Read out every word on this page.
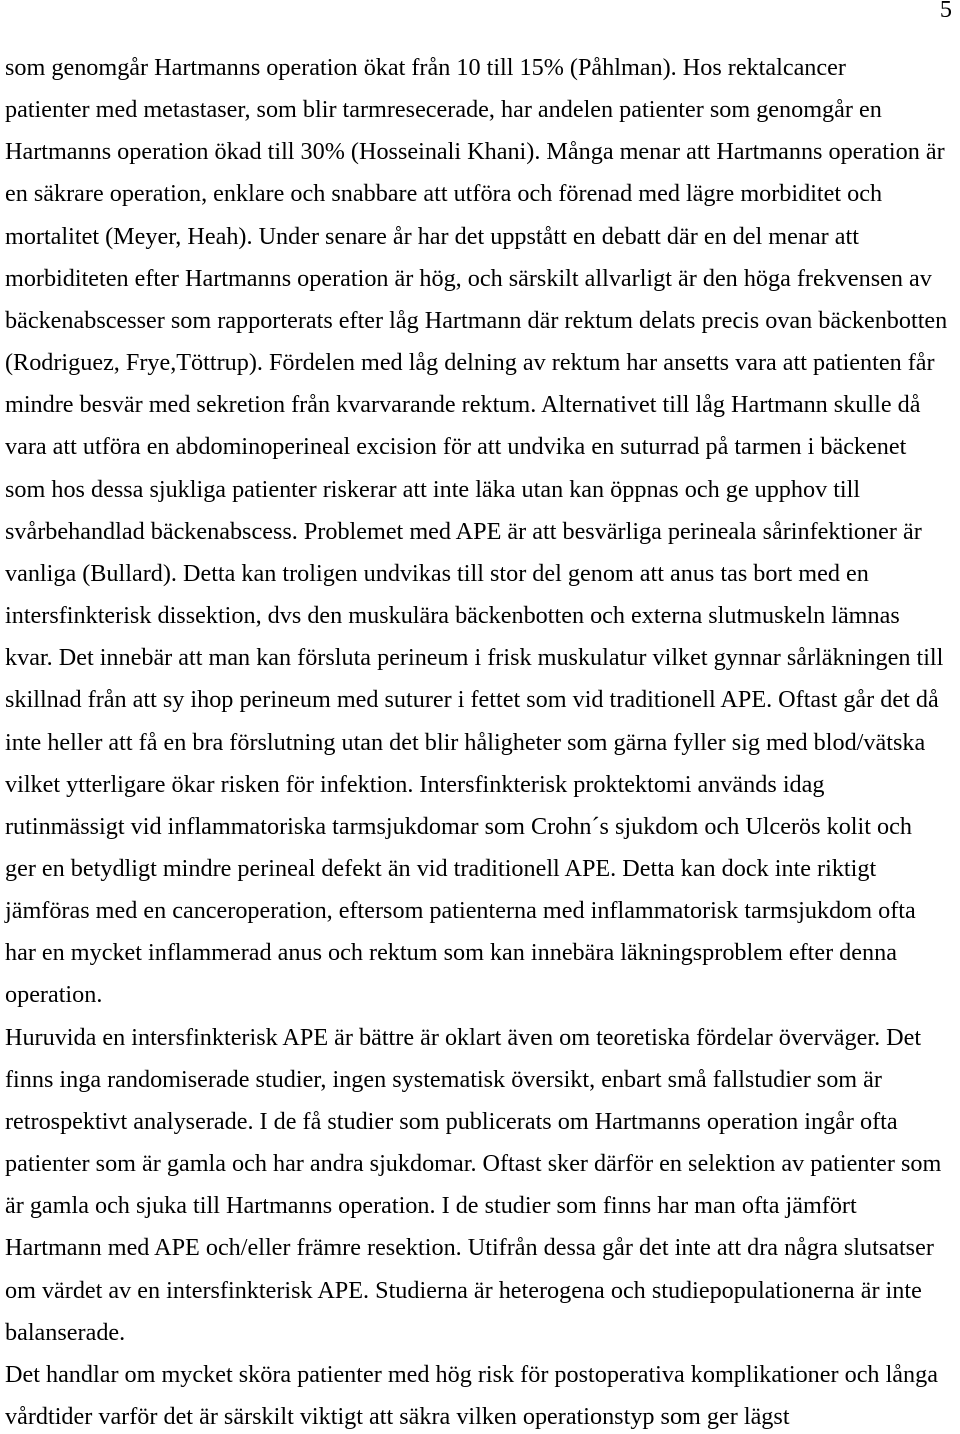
5
som genomgår Hartmanns operation ökat från 10 till 15% (Påhlman). Hos rektalcancer
patienter med metastaser, som blir tarmresecerade, har andelen patienter som genomgår en
Hartmanns operation ökad till 30% (Hosseinali Khani). Många menar att Hartmanns operation är
en säkrare operation, enklare och snabbare att utföra och förenad med lägre morbiditet och
mortalitet (Meyer, Heah). Under senare år har det uppstått en debatt där en del menar att
morbiditeten efter Hartmanns operation är hög, och särskilt allvarligt är den höga frekvensen av
bäckenabscesser som rapporterats efter låg Hartmann där rektum delats precis ovan bäckenbotten
(Rodriguez, Frye,Töttrup). Fördelen med låg delning av rektum har ansetts vara att patienten får
mindre besvär med sekretion från kvarvarande rektum. Alternativet till låg Hartmann skulle då
vara att utföra en abdominoperineal excision för att undvika en suturrad på tarmen i bäckenet
som hos dessa sjukliga patienter riskerar att inte läka utan kan öppnas och ge upphov till
svårbehandlad bäckenabscess. Problemet med APE är att besvärliga perineala sårinfektioner är
vanliga (Bullard). Detta kan troligen undvikas till stor del genom att anus tas bort med en
intersfinkterisk dissektion, dvs den muskulära bäckenbotten och externa slutmuskeln lämnas
kvar. Det innebär att man kan försluta perineum i frisk muskulatur vilket gynnar sårläkningen till
skillnad från att sy ihop perineum med suturer i fettet som vid traditionell APE. Oftast går det då
inte heller att få en bra förslutning utan det blir håligheter som gärna fyller sig med blod/vätska
vilket ytterligare ökar risken för infektion. Intersfinkterisk proktektomi används idag
rutinmässigt vid inflammatoriska tarmsjukdomar som Crohn´s sjukdom och Ulcerös kolit och
ger en betydligt mindre perineal defekt än vid traditionell APE. Detta kan dock inte riktigt
jämföras med en canceroperation, eftersom patienterna med inflammatorisk tarmsjukdom ofta
har en mycket inflammerad anus och rektum som kan innebära läkningsproblem efter denna
operation.
Huruvida en intersfinkterisk APE är bättre är oklart även om teoretiska fördelar överväger. Det
finns inga randomiserade studier, ingen systematisk översikt, enbart små fallstudier som är
retrospektivt analyserade. I de få studier som publicerats om Hartmanns operation ingår ofta
patienter som är gamla och har andra sjukdomar. Oftast sker därför en selektion av patienter som
är gamla och sjuka till Hartmanns operation. I de studier som finns har man ofta jämfört
Hartmann med APE och/eller främre resektion. Utifrån dessa går det inte att dra några slutsatser
om värdet av en intersfinkterisk APE. Studierna är heterogena och studiepopulationerna är inte
balanserade.
Det handlar om mycket sköra patienter med hög risk för postoperativa komplikationer och långa
vårdtider varför det är särskilt viktigt att säkra vilken operationstyp som ger lägst
